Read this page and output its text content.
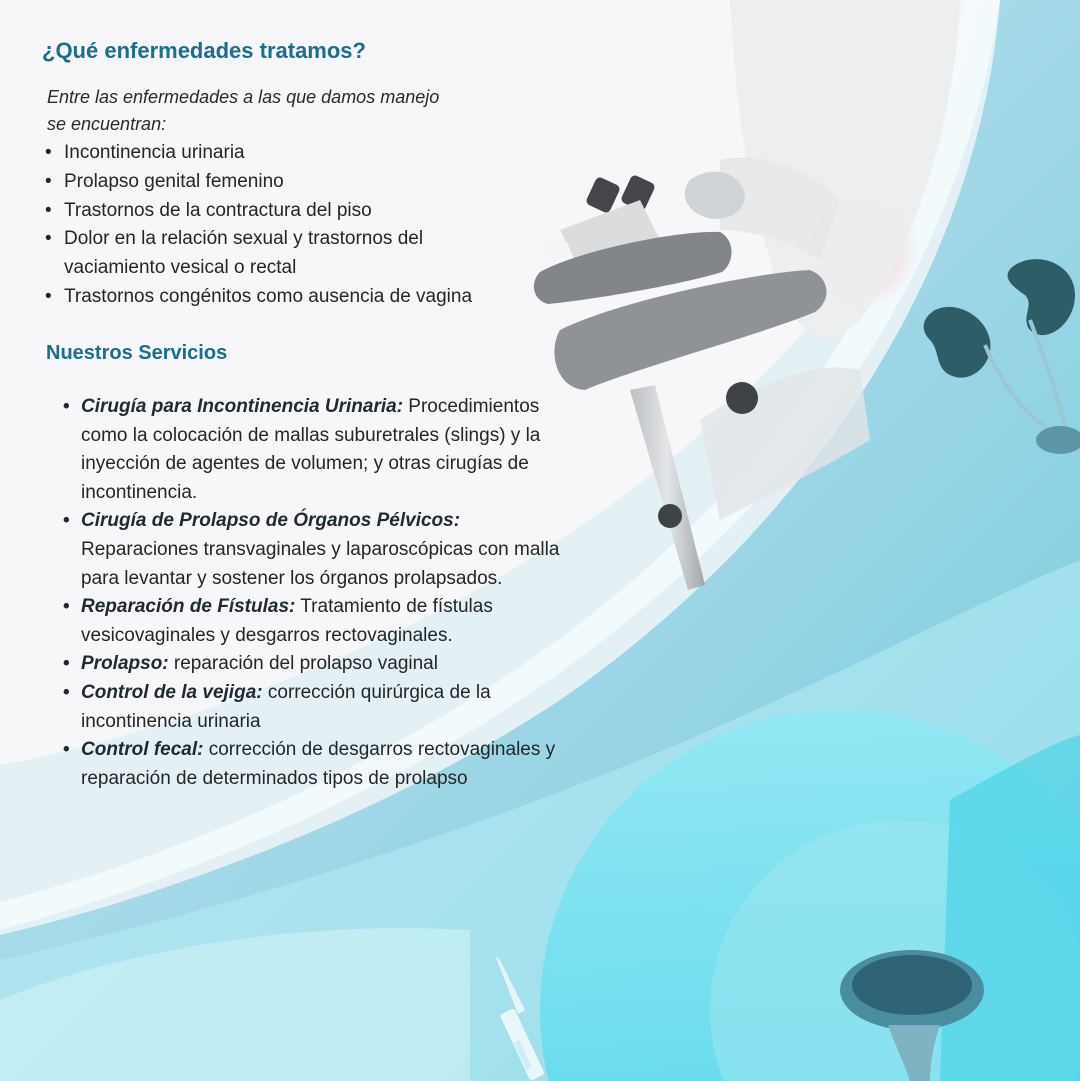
¿Qué enfermedades tratamos?

Entre las enfermedades a las que damos manejo se encuentran:

• Incontinencia urinaria
• Prolapso genital femenino
• Trastornos de la contractura del piso
• Dolor en la relación sexual y trastornos del vaciamiento vesical o rectal
• Trastornos congénitos como ausencia de vagina
Nuestros Servicios
• Cirugía para Incontinencia Urinaria: Procedimientos como la colocación de mallas suburetrales (slings) y la inyección de agentes de volumen; y otras cirugías de incontinencia.
• Cirugía de Prolapso de Órganos Pélvicos: Reparaciones transvaginales y laparoscópicas con malla para levantar y sostener los órganos prolapsados.
• Reparación de Fístulas: Tratamiento de fístulas vesicovaginales y desgarros rectovaginales.
• Prolapso: reparación del prolapso vaginal
• Control de la vejiga: corrección quirúrgica de la incontinencia urinaria
• Control fecal: corrección de desgarros rectovaginales y reparación de determinados tipos de prolapso
